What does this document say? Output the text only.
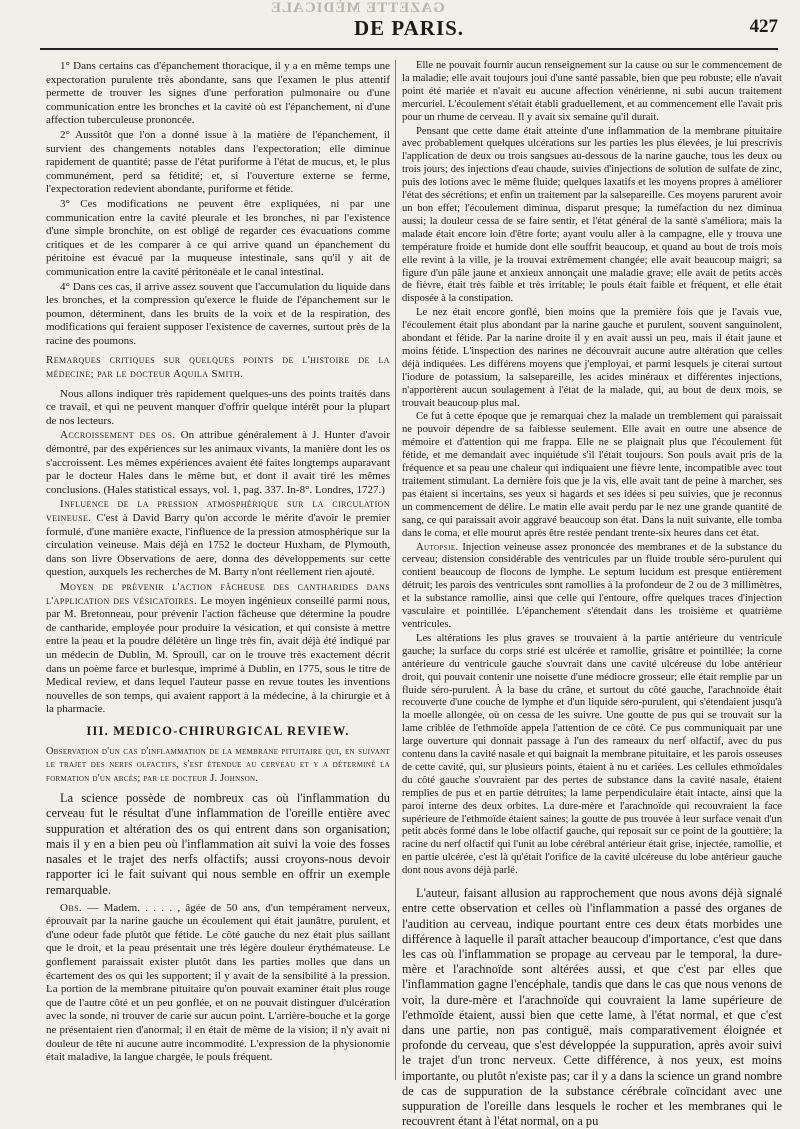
GAZETTE MÉDICALE
DE PARIS.	427

1° Dans certains cas d'épanchement thoracique, il y a en même temps une expectoration purulente très abondante, sans que l'examen le plus attentif permette de trouver les signes d'une perforation pulmonaire ou d'une communication entre les bronches et la cavité où est l'épanchement, ni d'une affection tuberculeuse prononcée.

2° Aussitôt que l'on a donné issue à la matière de l'épanchement, il survient des changements notables dans l'expectoration; elle diminue rapidement de quantité; passe de l'état puriforme à l'état de mucus, et, le plus communément, perd sa fétidité; et, si l'ouverture externe se ferme, l'expectoration redevient abondante, puriforme et fétide.

3° Ces modifications ne peuvent être expliquées, ni par une communication entre la cavité pleurale et les bronches, ni par l'existence d'une simple bronchite, on est obligé de regarder ces évacuations comme critiques et de les comparer à ce qui arrive quand un épanchement du péritoine est évacué par la muqueuse intestinale, sans qu'il y ait de communication entre la cavité péritonéale et le canal intestinal.

4° Dans ces cas, il arrive assez souvent que l'accumulation du liquide dans les bronches, et la compression qu'exerce le fluide de l'épanchement sur le poumon, déterminent, dans les bruits de la voix et de la respiration, des modifications qui feraient supposer l'existence de cavernes, surtout près de la racine des poumons.

Remarques critiques sur quelques points de l'histoire de la médecine; par le docteur Aquila Smith.

Nous allons indiquer très rapidement quelques-uns des points traités dans ce travail, et qui ne peuvent manquer d'offrir quelque intérêt pour la plupart de nos lecteurs.

Accroissement des os. On attribue généralement à J. Hunter d'avoir démontré, par des expériences sur les animaux vivants, la manière dont les os s'accroissent. Les mêmes expériences avaient été faites longtemps auparavant par le docteur Hales dans le même but, et dont il avait tiré les mêmes conclusions. (Hales statistical essays, vol. 1, pag. 337. In-8°. Londres, 1727.)

Influence de la pression atmosphérique sur la circulation veineuse. C'est à David Barry qu'on accorde le mérite d'avoir le premier formulé, d'une manière exacte, l'influence de la pression atmosphérique sur la circulation veineuse. Mais déjà en 1752 le docteur Huxham, de Plymouth, dans son livre Observations de aere, donna des développements sur cette question, auxquels les recherches de M. Barry n'ont réellement rien ajouté.

Moyen de prévenir l'action fâcheuse des cantharides dans l'application des vésicatoires. Le moyen ingénieux conseillé parmi nous, par M. Bretonneau, pour prévenir l'action fâcheuse que détermine la poudre de cantharide, employée pour produire la vésication, et qui consiste à mettre entre la peau et la poudre délétère un linge très fin, avait déjà été indiqué par un médecin de Dublin, M. Sproull, car on le trouve très exactement décrit dans un poème farce et burlesque, imprimé à Dublin, en 1775, sous le titre de Medical review, et dans lequel l'auteur passe en revue toutes les inventions nouvelles de son temps, qui avaient rapport à la médecine, à la chirurgie et à la pharmacie.

III. MEDICO-CHIRURGICAL REVIEW.

Observation d'un cas d'inflammation de la membrane pituitaire qui, en suivant le trajet des nerfs olfactifs, s'est étendue au cerveau et y a déterminé la formation d'un abcès; par le docteur J. Johnson.

La science possède de nombreux cas où l'inflammation du cerveau fut le résultat d'une inflammation de l'oreille entière avec suppuration et altération des os qui entrent dans son organisation; mais il y en a bien peu où l'inflammation ait suivi la voie des fosses nasales et le trajet des nerfs olfactifs; aussi croyons-nous devoir rapporter ici le fait suivant qui nous semble en offrir un exemple remarquable.

Obs. — Madem. . . . . , âgée de 50 ans, d'un tempérament nerveux, éprouvait par la narine gauche un écoulement qui était jaunâtre, purulent, et d'une odeur fade plutôt que fétide. Le côté gauche du nez était plus saillant que le droit, et la peau présentait une très légère douleur érythémateuse. Le gonflement paraissait exister plutôt dans les parties molles que dans un écartement des os qui les supportent; il y avait de la sensibilité à la pression. La portion de la membrane pituitaire qu'on pouvait examiner était plus rouge que de l'autre côté et un peu gonflée, et on ne pouvait distinguer d'ulcération avec la sonde, ni trouver de carie sur aucun point. L'arrière-bouche et la gorge ne présentaient rien d'anormal; il en était de même de la vision; il n'y avait ni douleur de tête ni aucune autre incommodité. L'expression de la physionomie était maladive, la langue chargée, le pouls fréquent.

Elle ne pouvait fournir aucun renseignement sur la cause ou sur le commencement de la maladie; elle avait toujours joui d'une santé passable, bien que peu robuste; elle n'avait point été mariée et n'avait eu aucune affection vénérienne, ni subi aucun traitement mercuriel. L'écoulement s'était établi graduellement, et au commencement elle l'avait pris pour un rhume de cerveau. Il y avait six semaine qu'il durait.

Pensant que cette dame était atteinte d'une inflammation de la membrane pituitaire avec probablement quelques ulcérations sur les parties les plus élevées, je lui prescrivis l'application de deux ou trois sangsues au-dessous de la narine gauche, tous les deux ou trois jours; des injections d'eau chaude, suivies d'injections de solution de sulfate de zinc, puis des lotions avec le même fluide; quelques laxatifs et les moyens propres à améliorer l'état des sécrétions; et enfin un traitement par la salsepareille. Ces moyens parurent avoir un bon effet; l'écoulement diminua, disparut presque; la tuméfaction du nez diminua aussi; la douleur cessa de se faire sentir, et l'état général de la santé s'améliora; mais la malade était encore loin d'être forte; ayant voulu aller à la campagne, elle y trouva une température froide et humide dont elle souffrit beaucoup, et quand au bout de trois mois elle revint à la ville, je la trouvai extrêmement changée; elle avait beaucoup maigri; sa figure d'un pâle jaune et anxieux annonçait une maladie grave; elle avait de petits accès de fièvre, était très faible et très irritable; le pouls était faible et fréquent, et elle était disposée à la constipation.

Le nez était encore gonflé, bien moins que la première fois que je l'avais vue, l'écoulement était plus abondant par la narine gauche et purulent, souvent sanguinolent, abondant et fétide. Par la narine droite il y en avait aussi un peu, mais il était jaune et moins fétide. L'inspection des narines ne découvrait aucune autre altération que celles déjà indiquées. Les différens moyens que j'employai, et parmi lesquels je citerai surtout l'iodure de potassium, la salsepareille, les acides minéraux et différentes injections, n'apportèrent aucun soulagement à l'état de la malade, qui, au bout de deux mois, se trouvait beaucoup plus mal.

Ce fut à cette époque que je remarquai chez la malade un tremblement qui paraissait ne pouvoir dépendre de sa faiblesse seulement. Elle avait en outre une absence de mémoire et d'attention qui me frappa. Elle ne se plaignait plus que l'écoulement fût fétide, et me demandait avec inquiétude s'il l'était toujours. Son pouls avait pris de la fréquence et sa peau une chaleur qui indiquaient une fièvre lente, incompatible avec tout traitement stimulant. La dernière fois que je la vis, elle avait tant de peine à marcher, ses pas étaient si incertains, ses yeux si hagards et ses idées si peu suivies, que je reconnus un commencement de délire. Le matin elle avait perdu par le nez une grande quantité de sang, ce qui paraissait avoir aggravé beaucoup son état. Dans la nuit suivante, elle tomba dans le coma, et elle mourut après être restée pendant trente-six heures dans cet état.

Autopsie. Injection veineuse assez prononcée des membranes et de la substance du cerveau; distension considérable des ventricules par un fluide trouble séro-purulent qui contient beaucoup de flocons de lymphe. Le septum lucidum est presque entièrement détruit; les parois des ventricules sont ramollies à la profondeur de 2 ou de 3 millimètres, et la substance ramollie, ainsi que celle qui l'entoure, offre quelques traces d'injection vasculaire et pointillée. L'épanchement s'étendait dans les troisième et quatrième ventricules.

Les altérations les plus graves se trouvaient à la partie antérieure du ventricule gauche; la surface du corps strié est ulcérée et ramollie, grisâtre et pointillée; la corne antérieure du ventricule gauche s'ouvrait dans une cavité ulcéreuse du lobe antérieur droit, qui pouvait contenir une noisette d'une médiocre grosseur; elle était remplie par un fluide séro-purulent. À la base du crâne, et surtout du côté gauche, l'arachnoïde était recouverte d'une couche de lymphe et d'un liquide séro-purulent, qui s'étendaient jusqu'à la moelle allongée, où on cessa de les suivre. Une goutte de pus qui se trouvait sur la lame criblée de l'ethmoïde appela l'attention de ce côté. Ce pus communiquait par une large ouverture qui donnait passage à l'un des rameaux du nerf olfactif, avec du pus contenu dans la cavité nasale et qui baignait la membrane pituitaire, et les parois osseuses de cette cavité, qui, sur plusieurs points, étaient à nu et cariées. Les cellules ethmoïdales du côté gauche s'ouvraient par des pertes de substance dans la cavité nasale, étaient remplies de pus et en partie détruites; la lame perpendiculaire était intacte, ainsi que la paroi interne des deux orbites. La dure-mère et l'arachnoïde qui recouvraient la face supérieure de l'ethmoïde étaient saines; la goutte de pus trouvée à leur surface venait d'un petit abcès formé dans le lobe olfactif gauche, qui reposait sur ce point de la gouttière; la racine du nerf olfactif qui l'unit au lobe cérébral antérieur était grise, injectée, ramollie, et en partie ulcérée, c'est là qu'était l'orifice de la cavité ulcéreuse du lobe antérieur gauche dont nous avons déjà parlé.

L'auteur, faisant allusion au rapprochement que nous avons déjà signalé entre cette observation et celles où l'inflammation a passé des organes de l'audition au cerveau, indique pourtant entre ces deux états morbides une différence à laquelle il paraît attacher beaucoup d'importance, c'est que dans les cas où l'inflammation se propage au cerveau par le temporal, la dure-mère et l'arachnoïde sont altérées aussi, et que c'est par elles que l'inflammation gagne l'encéphale, tandis que dans le cas que nous venons de voir, la dure-mère et l'arachnoïde qui couvraient la lame supérieure de l'ethmoïde étaient, aussi bien que cette lame, à l'état normal, et que c'est dans une partie, non pas contiguë, mais comparativement éloignée et profonde du cerveau, que s'est développée la suppuration, après avoir suivi le trajet d'un tronc nerveux. Cette différence, à nos yeux, est moins importante, ou plutôt n'existe pas; car il y a dans la science un grand nombre de cas de suppuration de la substance cérébrale coïncidant avec une suppuration de l'oreille dans lesquels le rocher et les membranes qui le recouvrent étant à l'état normal, on a pu
